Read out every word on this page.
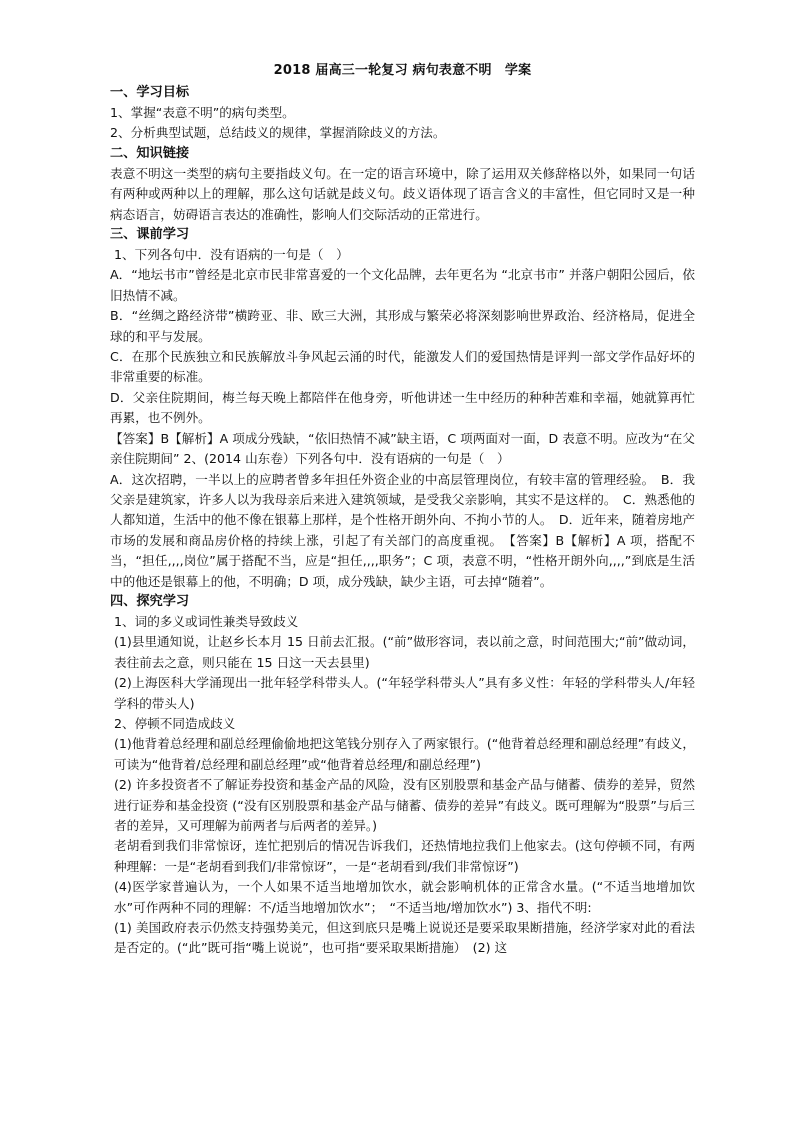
2018 届高三一轮复习 病句表意不明　学案
一、学习目标

1、掌握“表意不明”的病句类型。

2、分析典型试题，总结歧义的规律，掌握消除歧义的方法。

二、知识链接

表意不明这一类型的病句主要指歧义句。在一定的语言环境中，除了运用双关修辞格以外，如果同一句话有两种或两种以上的理解，那么这句话就是歧义句。歧义语体现了语言含义的丰富性，但它同时又是一种病态语言，妨碍语言表达的准确性，影响人们交际活动的正常进行。

三、课前学习

1、下列各句中．没有语病的一句是（　）

A．“地坛书市”曾经是北京市民非常喜爱的一个文化品牌，去年更名为 “北京书市” 并落户朝阳公园后，依旧热情不减。

B．“丝绸之路经济带”横跨亚、非、欧三大洲，其形成与繁荣必将深刻影响世界政治、经济格局，促进全球的和平与发展。

C．在那个民族独立和民族解放斗争风起云涌的时代，能激发人们的爱国热情是评判一部文学作品好坏的非常重要的标准。

D．父亲住院期间，梅兰每天晚上都陪伴在他身旁，听他讲述一生中经历的种种苦难和幸福，她就算再忙再累，也不例外。

【答案】B【解析】A 项成分残缺，“依旧热情不减”缺主语，C 项两面对一面，D 表意不明。应改为“在父亲住院期间” 2、(2014 山东卷）下列各句中．没有语病的一句是（　）

A．这次招聘，一半以上的应聘者曾多年担任外资企业的中高层管理岗位，有较丰富的管理经验。　B．我父亲是建筑家，许多人以为我母亲后来进入建筑领域，是受我父亲影响，其实不是这样的。　C．熟悉他的人都知道，生活中的他不像在银幕上那样，是个性格开朗外向、不拘小节的人。　D．近年来，随着房地产市场的发展和商品房价格的持续上涨，引起了有关部门的高度重视。　【答案】B【解析】A 项，搭配不当，“担任,,,,岗位”属于搭配不当，应是“担任,,,,职务”；C 项，表意不明，“性格开朗外向,,,,”到底是生活中的他还是银幕上的他，不明确；D 项，成分残缺，缺少主语，可去掉“随着”。

四、探究学习

1、词的多义或词性兼类导致歧义

(1)县里通知说，让赵乡长本月 15 日前去汇报。(“前”做形容词，表以前之意，时间范围大;“前”做动词，表往前去之意，则只能在 15 日这一天去县里)

(2)上海医科大学涌现出一批年轻学科带头人。(“年轻学科带头人”具有多义性：年轻的学科带头人/年轻学科的带头人)

2、停顿不同造成歧义

(1)他背着总经理和副总经理偷偷地把这笔钱分别存入了两家银行。(“他背着总经理和副总经理”有歧义，可读为“他背着/总经理和副总经理”或“他背着总经理/和副总经理”)

(2) 许多投资者不了解证券投资和基金产品的风险，没有区别股票和基金产品与储蓄、债券的差异，贸然进行证券和基金投资 (“没有区别股票和基金产品与储蓄、债券的差异”有歧义。既可理解为“股票”与后三者的差异，又可理解为前两者与后两者的差异。)

老胡看到我们非常惊讶，连忙把别后的情况告诉我们，还热情地拉我们上他家去。(这句停顿不同，有两种理解：一是“老胡看到我们/非常惊讶”，一是“老胡看到/我们非常惊讶”)

(4)医学家普遍认为，一个人如果不适当地增加饮水，就会影响机体的正常含水量。(“不适当地增加饮水”可作两种不同的理解：不/适当地增加饮水”；　“不适当地/增加饮水”) 3、指代不明:

(1) 美国政府表示仍然支持强势美元，但这到底只是嘴上说说还是要采取果断措施，经济学家对此的看法是否定的。(“此”既可指“嘴上说说”，也可指“要采取果断措施）　(2) 这
